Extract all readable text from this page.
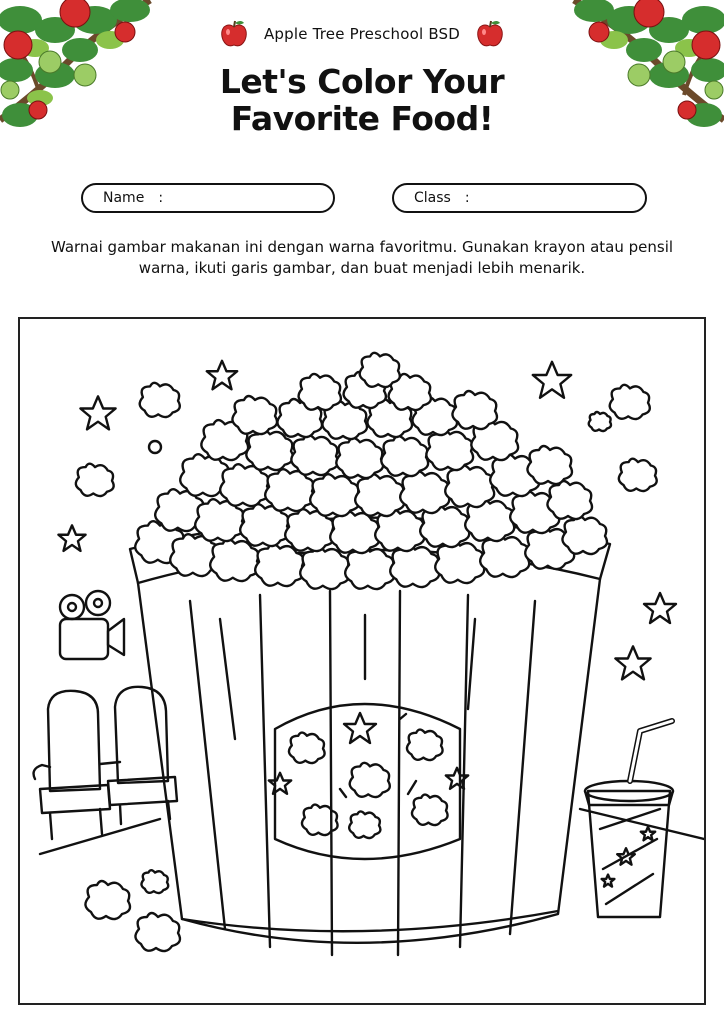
Apple Tree Preschool BSD
Let's Color Your
Favorite Food!
Name :	Class :
Warnai gambar makanan ini dengan warna favoritmu. Gunakan krayon atau pensil warna, ikuti garis gambar, dan buat menjadi lebih menarik.
